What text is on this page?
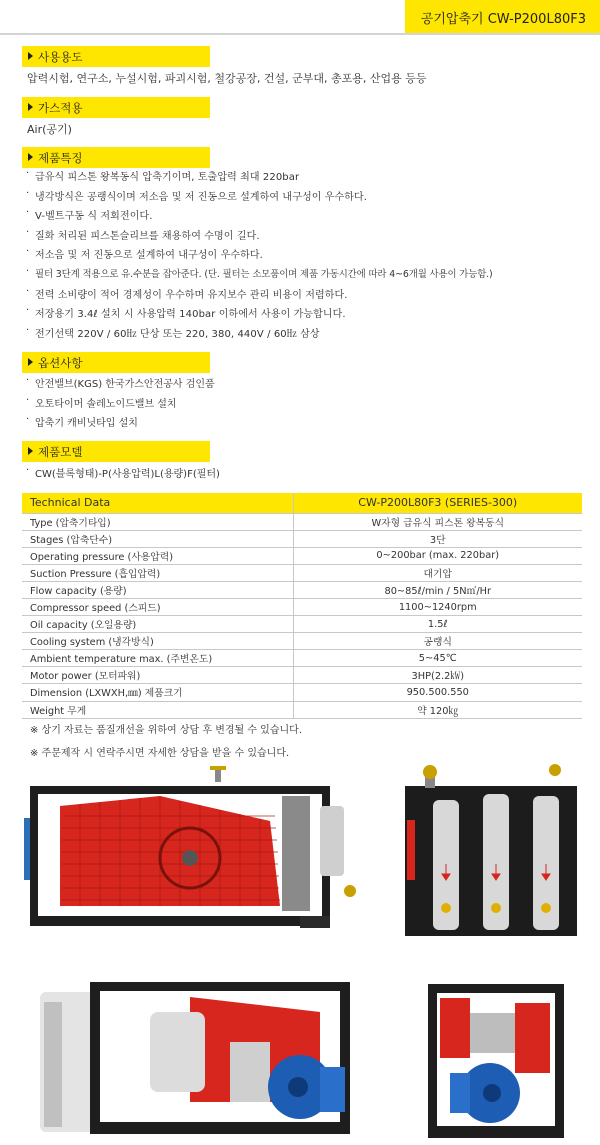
공기압축기 CW-P200L80F3
사용용도
압력시험, 연구소, 누설시험, 파괴시험, 철강공장, 건설, 군부대, 총포용, 산업용 등등
가스적용
Air(공기)
제품특징
· 급유식 피스톤 왕복동식 압축기이며, 토출압력 최대 220bar
· 냉각방식은 공랭식이며 저소음 및 저 진동으로 설계하여 내구성이 우수하다.
· V-벨트구동 식 저회전이다.
· 질화 처리된 피스톤슬리브를 채용하여 수명이 길다.
· 저소음 및 저 진동으로 설계하여 내구성이 우수하다.
· 필터 3단계 적용으로 유.수분을 잡아준다. (단. 필터는 소모품이며 제품 가동시간에 따라 4~6개월 사용이 가능함.)
· 전력 소비량이 적어 경제성이 우수하며 유지보수 관리 비용이 저렴하다.
· 저장용기 3.4ℓ 설치 시 사용압력 140bar 이하에서 사용이 가능합니다.
· 전기선택 220V / 60㎐ 단상 또는 220, 380, 440V / 60㎐ 삼상
옵션사항
· 안전밸브(KGS) 한국가스안전공사 검인품
· 오토타이머 솔레노이드밸브 설치
· 압축기 캐비닛타입 설치
제품모델
· CW(블록형태)-P(사용압력)L(용량)F(필터)
Technical Data	CW-P200L80F3 (SERIES-300)
Type (압축기타입)	W자형 급유식 피스톤 왕복동식
Stages (압축단수)	3단
Operating pressure (사용압력)	0~200bar (max. 220bar)
Suction Pressure (흡입압력)	대기압
Flow capacity (용량)	80~85ℓ/min / 5N㎥/Hr
Compressor speed (스피드)	1100~1240rpm
Oil capacity (오일용량)	1.5ℓ
Cooling system (냉각방식)	공랭식
Ambient temperature max. (주변온도)	5~45℃
Motor power (모터파워)	3HP(2.2㎾)
Dimension (LXWXH,㎜) 제품크기	950.500.550
Weight 무게	약 120㎏
※ 상기 자료는 품질개선을 위하여 상담 후 변경될 수 있습니다.
※ 주문제작 시 연락주시면 자세한 상담을 받을 수 있습니다.
